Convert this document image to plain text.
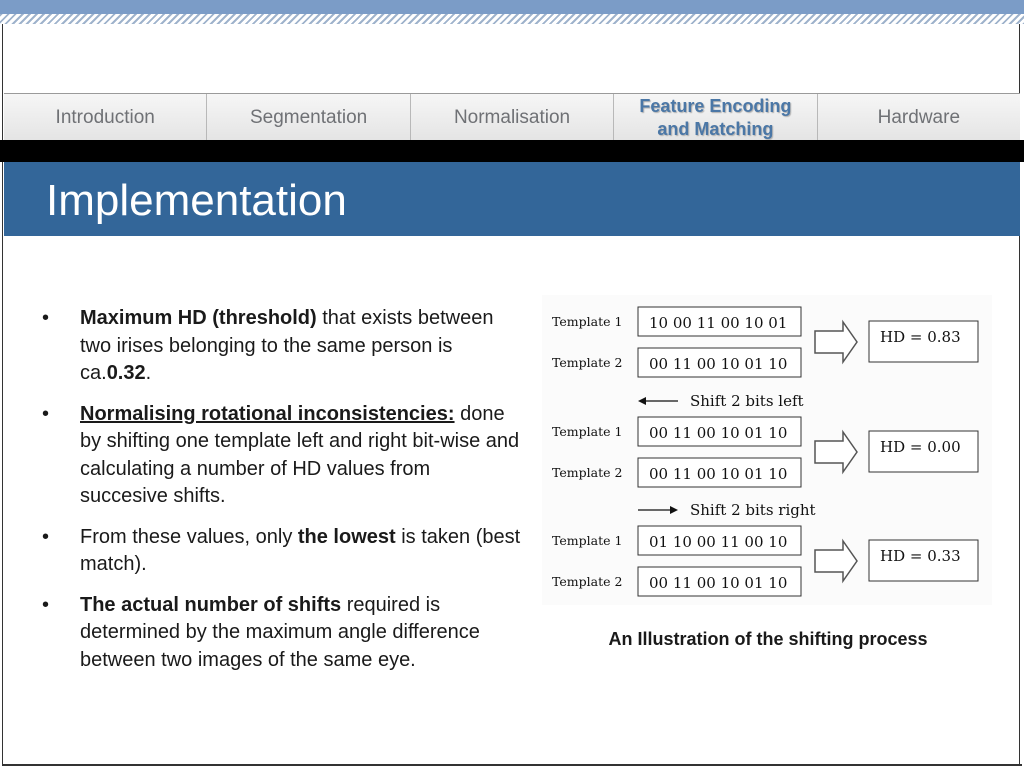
Introduction	Segmentation	Normalisation
Feature Encoding and Matching
Hardware
Implementation
• Maximum HD (threshold) that exists between two irises belonging to the same person is ca.0.32.
• Normalising rotational inconsistencies: done by shifting one template left and right bit-wise and calculating a number of HD values from succesive shifts.
• From these values, only the lowest is taken (best match).
• The actual number of shifts required is determined by the maximum angle difference between two images of the same eye.
Template 1 10 00 11 00 10 01
Template 2 00 11 00 10 01 10
HD = 0.83
Shift 2 bits left
Template 1 00 11 00 10 01 10
Template 2 00 11 00 10 01 10
HD = 0.00
Shift 2 bits right
Template 1 01 10 00 11 00 10
Template 2 00 11 00 10 01 10
HD = 0.33
An Illustration of the shifting process
